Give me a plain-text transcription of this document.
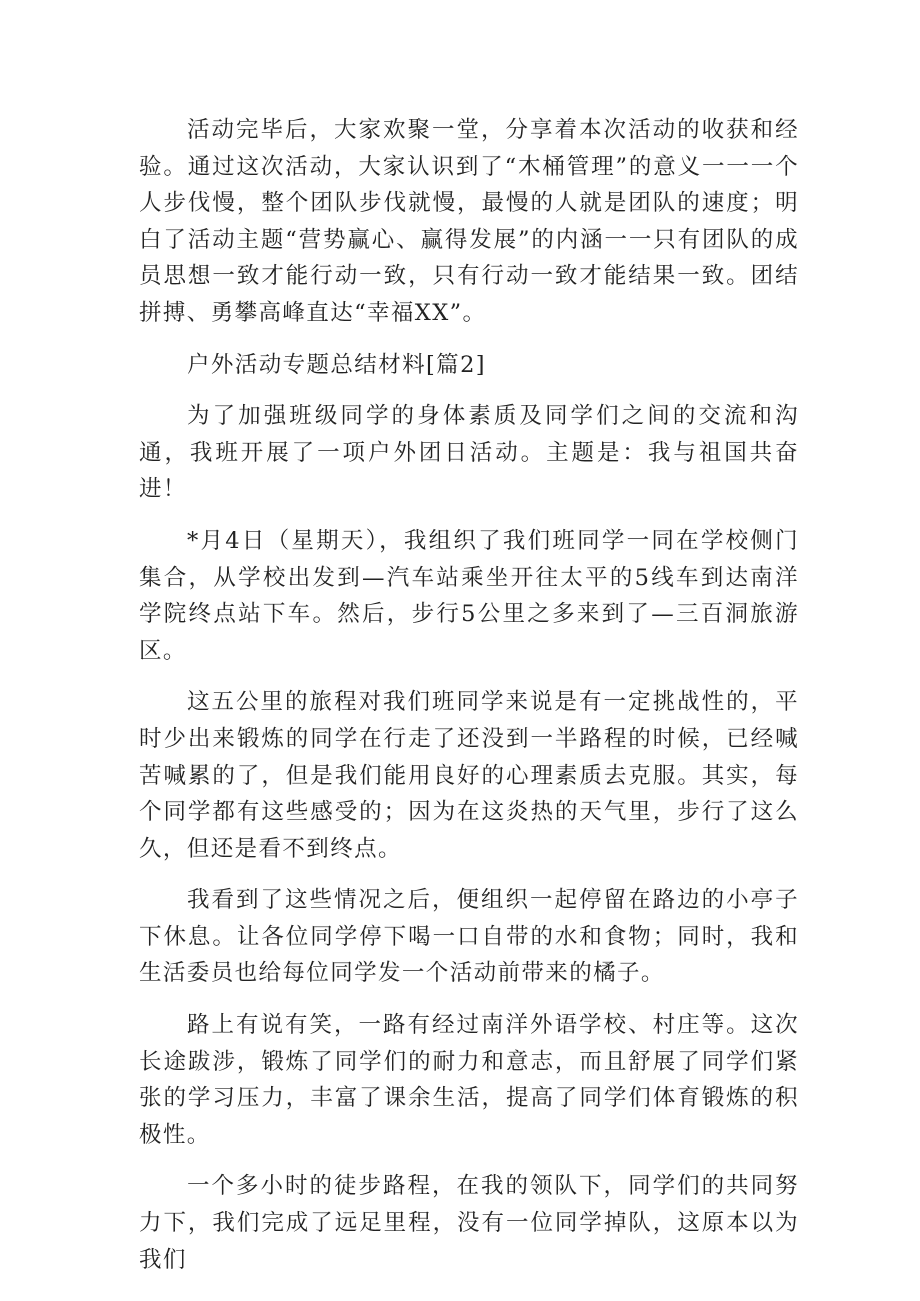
活动完毕后，大家欢聚一堂，分享着本次活动的收获和经验。通过这次活动，大家认识到了“木桶管理”的意义一一一个人步伐慢，整个团队步伐就慢，最慢的人就是团队的速度；明白了活动主题“营势赢心、赢得发展”的内涵一一只有团队的成员思想一致才能行动一致，只有行动一致才能结果一致。团结拼搏、勇攀高峰直达“幸福XX”。

户外活动专题总结材料[篇2]

为了加强班级同学的身体素质及同学们之间的交流和沟通，我班开展了一项户外团日活动。主题是：我与祖国共奋进！

*月4日（星期天），我组织了我们班同学一同在学校侧门集合，从学校出发到—汽车站乘坐开往太平的5线车到达南洋学院终点站下车。然后，步行5公里之多来到了—三百洞旅游区。

这五公里的旅程对我们班同学来说是有一定挑战性的，平时少出来锻炼的同学在行走了还没到一半路程的时候，已经喊苦喊累的了，但是我们能用良好的心理素质去克服。其实，每个同学都有这些感受的；因为在这炎热的天气里，步行了这么久，但还是看不到终点。

我看到了这些情况之后，便组织一起停留在路边的小亭子下休息。让各位同学停下喝一口自带的水和食物；同时，我和生活委员也给每位同学发一个活动前带来的橘子。

路上有说有笑，一路有经过南洋外语学校、村庄等。这次长途跋涉，锻炼了同学们的耐力和意志，而且舒展了同学们紧张的学习压力，丰富了课余生活，提高了同学们体育锻炼的积极性。

一个多小时的徒步路程，在我的领队下，同学们的共同努力下，我们完成了远足里程，没有一位同学掉队，这原本以为我们
